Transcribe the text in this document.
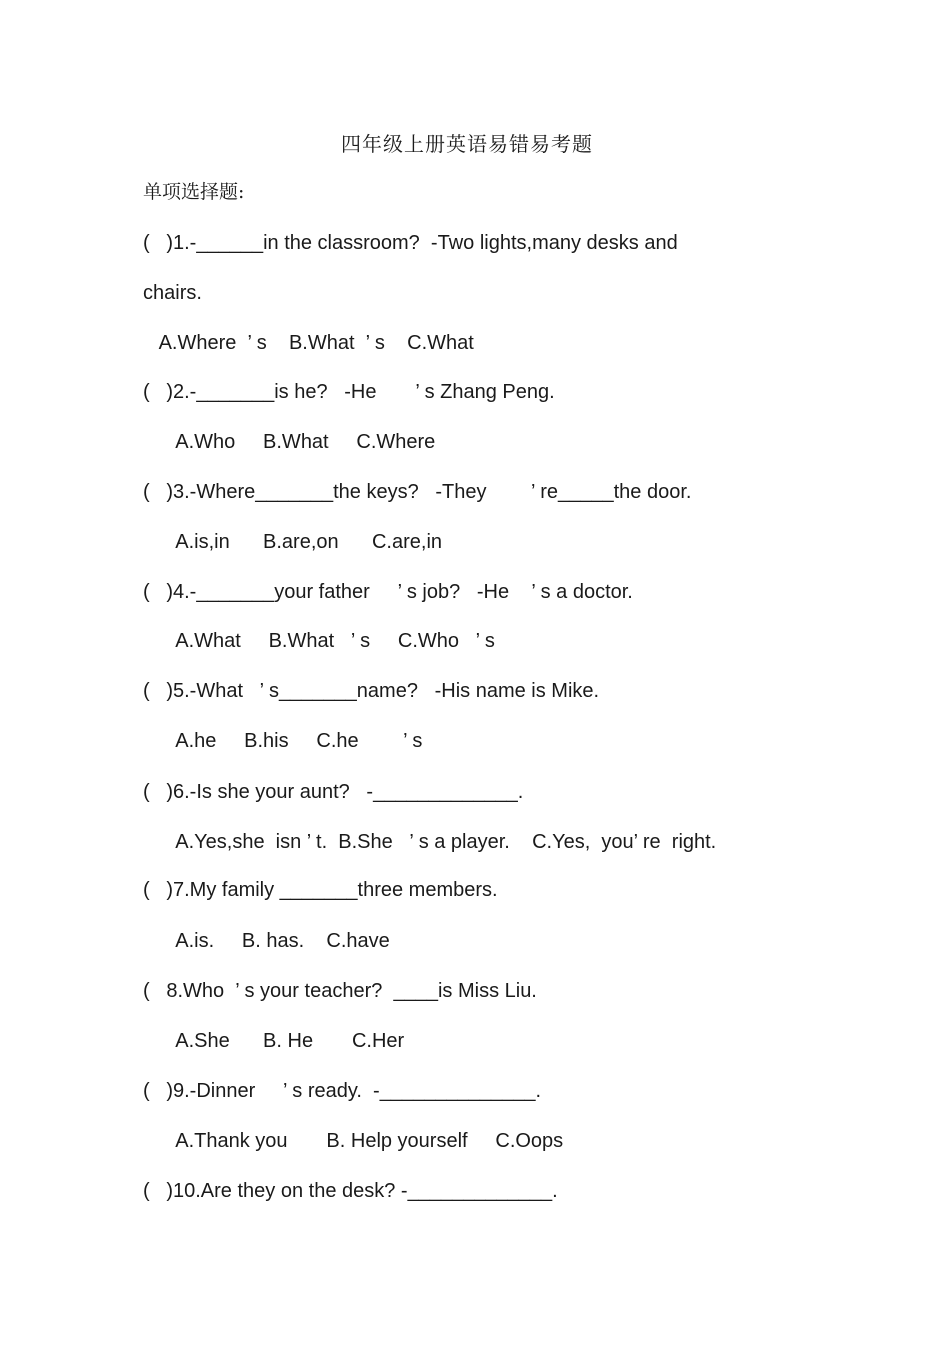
四年级上册英语易错易考题
单项选择题:
(   )1.-______in the classroom?  -Two lights,many desks and
chairs.
A.Where  ’ s    B.What  ’ s    C.What
(   )2.-_______is he?   -He       ’ s Zhang Peng.
A.Who     B.What     C.Where
(   )3.-Where_______the keys?   -They        ’ re_____the door.
A.is,in      B.are,on      C.are,in
(   )4.-_______your father     ’ s job?   -He    ’ s a doctor.
A.What     B.What   ’ s     C.Who   ’ s
(   )5.-What   ’ s_______name?   -His name is Mike.
A.he     B.his     C.he        ’ s
(   )6.-Is she your aunt?   -_____________.
A.Yes,she  isn ’ t.  B.She   ’ s a player.    C.Yes,  you’ re  right.
(   )7.My family _______three members.
A.is.     B. has.    C.have
(   8.Who  ’ s your teacher?  ____is Miss Liu.
A.She      B. He       C.Her
(   )9.-Dinner     ’ s ready.  -______________.
A.Thank you       B. Help yourself     C.Oops
(   )10.Are they on the desk? -_____________.
